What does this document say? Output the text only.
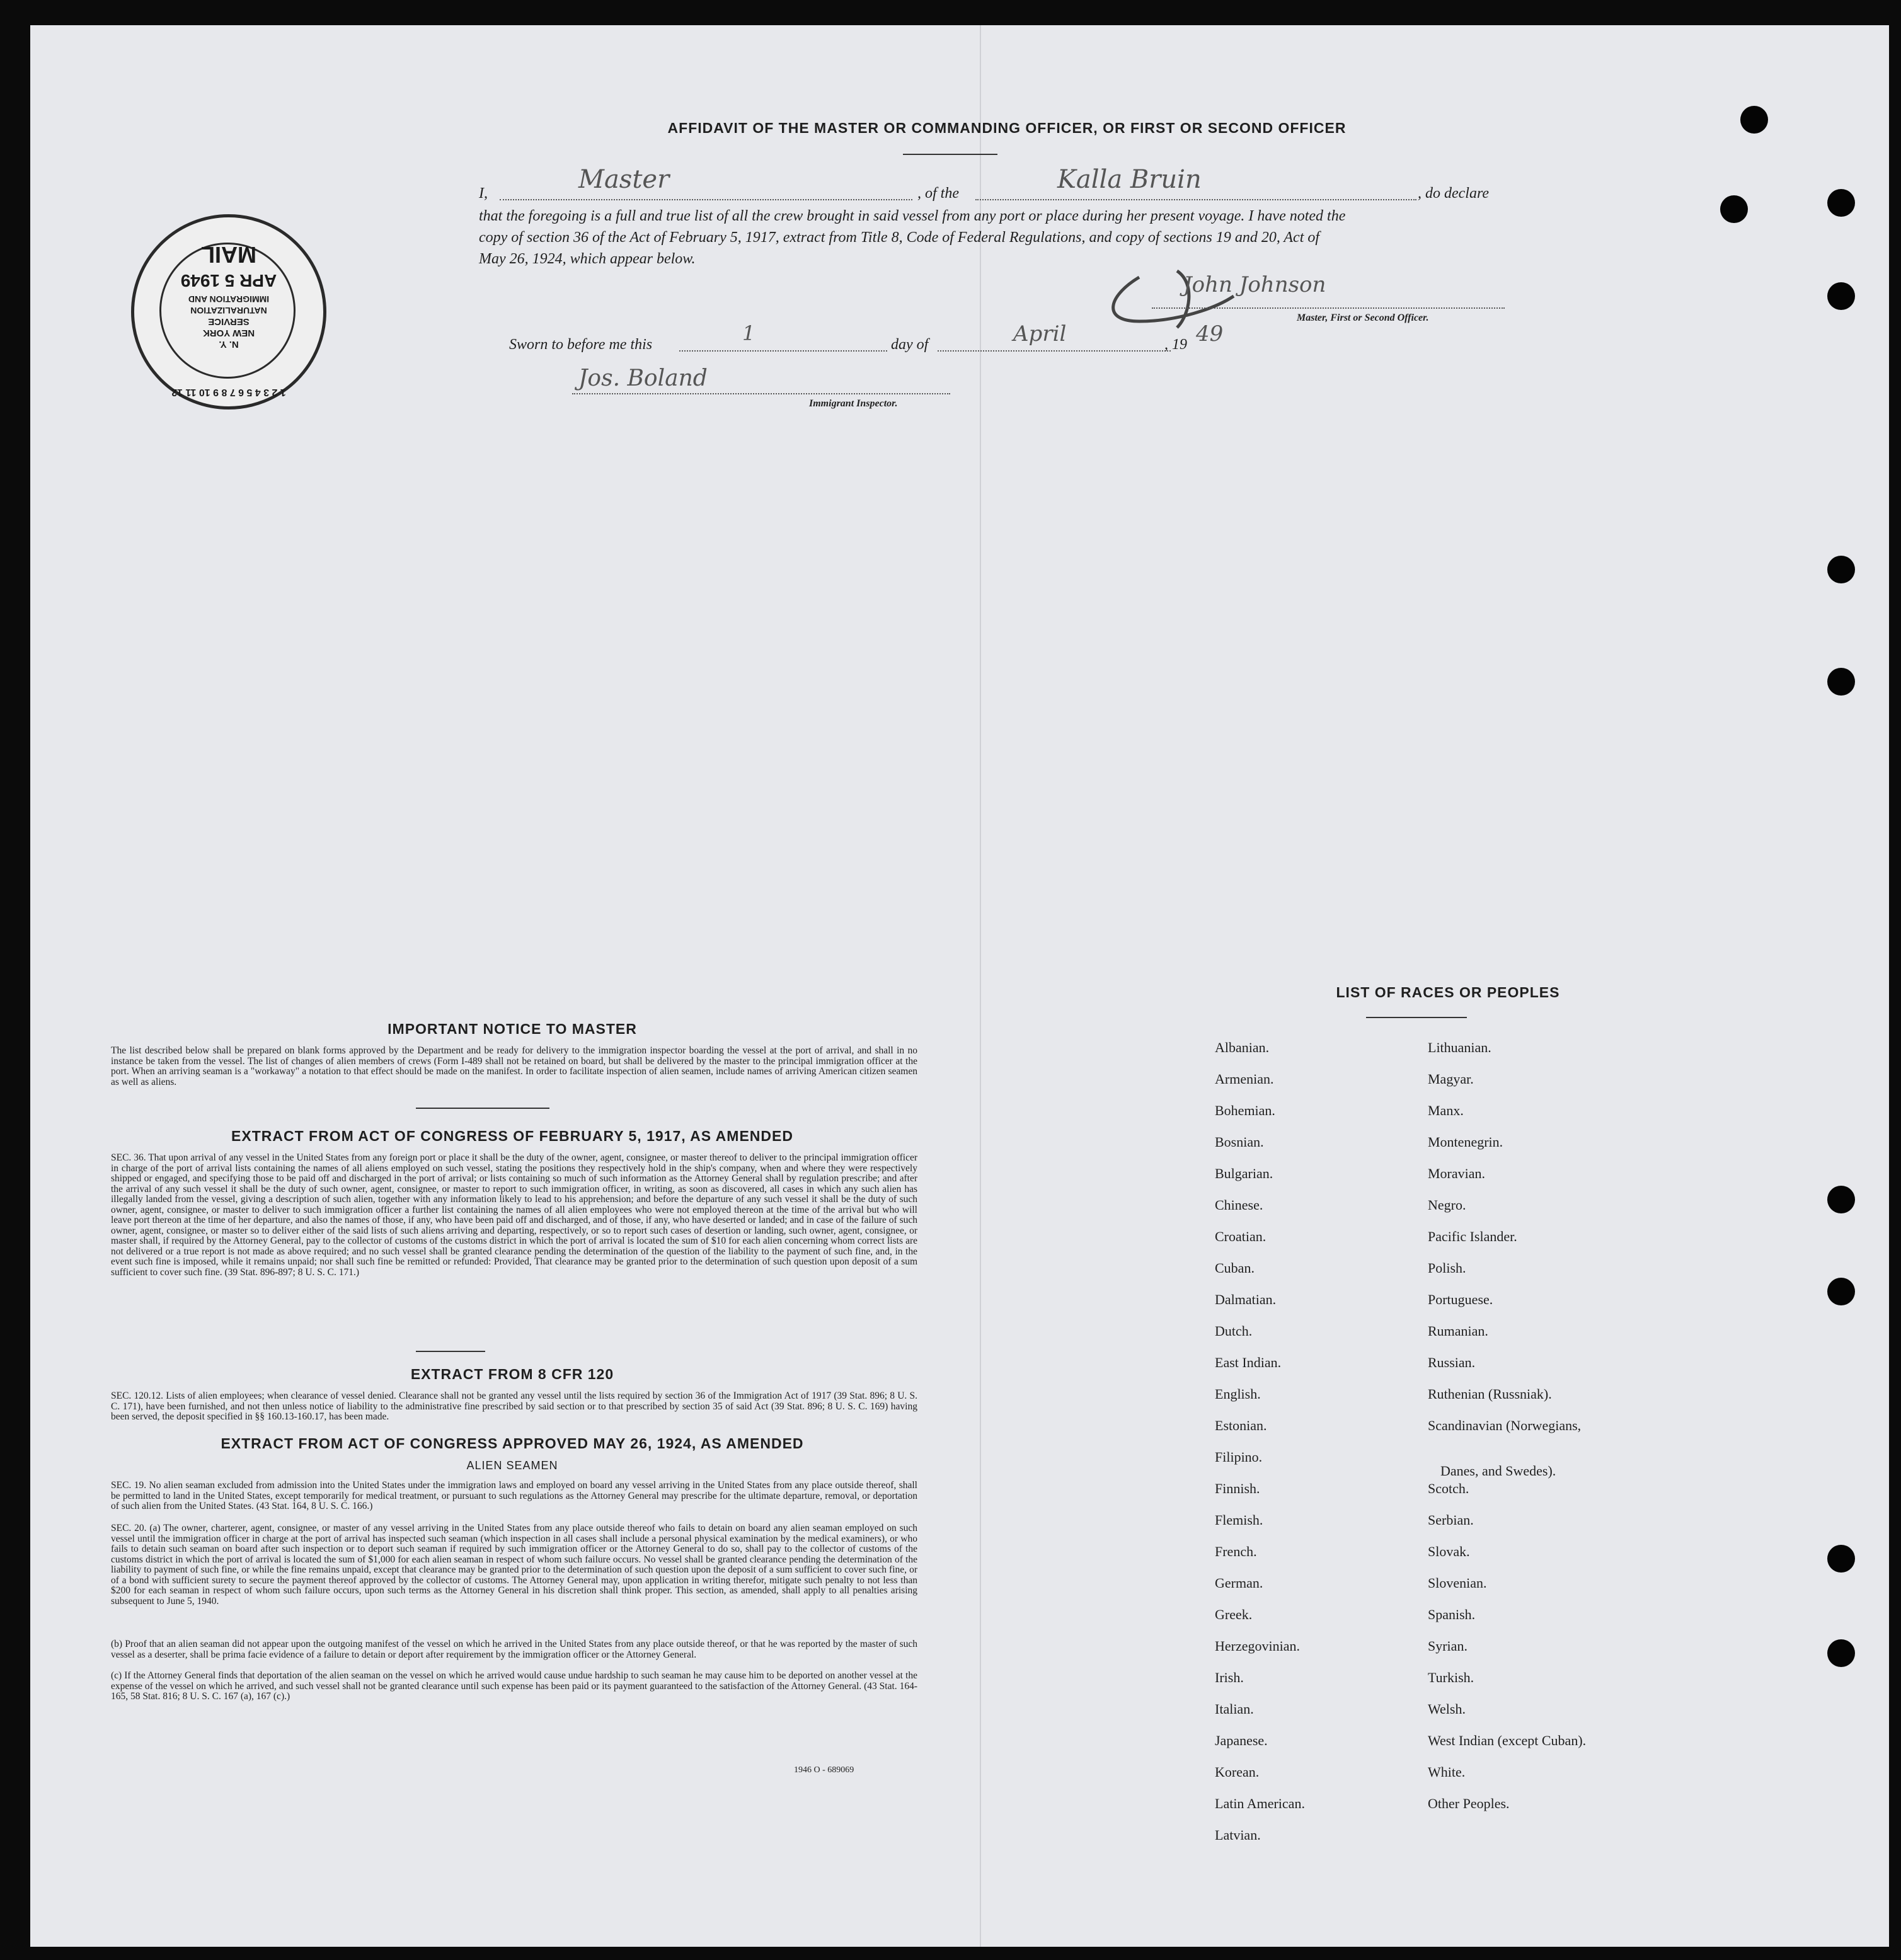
AFFIDAVIT OF THE MASTER OR COMMANDING OFFICER, OR FIRST OR SECOND OFFICER
I,	Master	, of the	Kalla Bruin	, do declare
that the foregoing is a full and true list of all the crew brought in said vessel from any port or place during her present voyage. I have noted the
copy of section 36 of the Act of February 5, 1917, extract from Title 8, Code of Federal Regulations, and copy of sections 19 and 20, Act of
May 26, 1924, which appear below.
John Johnson
Master, First or Second Officer.
Sworn to before me this	1	day of	April	, 19 49
Jos. Boland
Immigrant Inspector.
1 2 3 4 5 6 7 8 9 10 11 12
N. Y.
NEW YORK
SERVICE
NATURALIZATION
IMMIGRATION AND
APR 5 1949
MAIL
IMPORTANT NOTICE TO MASTER
The list described below shall be prepared on blank forms approved by the Department and be ready for delivery to the immigration inspector boarding the vessel at the port of arrival, and shall in no instance be taken from the vessel. The list of changes of alien members of crews (Form I-489 shall not be retained on board, but shall be delivered by the master to the principal immigration officer at the port. When an arriving seaman is a "workaway" a notation to that effect should be made on the manifest. In order to facilitate inspection of alien seamen, include names of arriving American citizen seamen as well as aliens.
EXTRACT FROM ACT OF CONGRESS OF FEBRUARY 5, 1917, AS AMENDED
SEC. 36. That upon arrival of any vessel in the United States from any foreign port or place it shall be the duty of the owner, agent, consignee, or master thereof to deliver to the principal immigration officer in charge of the port of arrival lists containing the names of all aliens employed on such vessel, stating the positions they respectively hold in the ship's company, when and where they were respectively shipped or engaged, and specifying those to be paid off and discharged in the port of arrival; or lists containing so much of such information as the Attorney General shall by regulation prescribe; and after the arrival of any such vessel it shall be the duty of such owner, agent, consignee, or master to report to such immigration officer, in writing, as soon as discovered, all cases in which any such alien has illegally landed from the vessel, giving a description of such alien, together with any information likely to lead to his apprehension; and before the departure of any such vessel it shall be the duty of such owner, agent, consignee, or master to deliver to such immigration officer a further list containing the names of all alien employees who were not employed thereon at the time of the arrival but who will leave port thereon at the time of her departure, and also the names of those, if any, who have been paid off and discharged, and of those, if any, who have deserted or landed; and in case of the failure of such owner, agent, consignee, or master so to deliver either of the said lists of such aliens arriving and departing, respectively, or so to report such cases of desertion or landing, such owner, agent, consignee, or master shall, if required by the Attorney General, pay to the collector of customs of the customs district in which the port of arrival is located the sum of $10 for each alien concerning whom correct lists are not delivered or a true report is not made as above required; and no such vessel shall be granted clearance pending the determination of the question of the liability to the payment of such fine, and, in the event such fine is imposed, while it remains unpaid; nor shall such fine be remitted or refunded: Provided, That clearance may be granted prior to the determination of such question upon deposit of a sum sufficient to cover such fine. (39 Stat. 896-897; 8 U. S. C. 171.)
EXTRACT FROM 8 CFR 120
SEC. 120.12. Lists of alien employees; when clearance of vessel denied. Clearance shall not be granted any vessel until the lists required by section 36 of the Immigration Act of 1917 (39 Stat. 896; 8 U. S. C. 171), have been furnished, and not then unless notice of liability to the administrative fine prescribed by said section or to that prescribed by section 35 of said Act (39 Stat. 896; 8 U. S. C. 169) having been served, the deposit specified in §§ 160.13-160.17, has been made.
EXTRACT FROM ACT OF CONGRESS APPROVED MAY 26, 1924, AS AMENDED
ALIEN SEAMEN
SEC. 19. No alien seaman excluded from admission into the United States under the immigration laws and employed on board any vessel arriving in the United States from any place outside thereof, shall be permitted to land in the United States, except temporarily for medical treatment, or pursuant to such regulations as the Attorney General may prescribe for the ultimate departure, removal, or deportation of such alien from the United States. (43 Stat. 164, 8 U. S. C. 166.)
SEC. 20. (a) The owner, charterer, agent, consignee, or master of any vessel arriving in the United States from any place outside thereof who fails to detain on board any alien seaman employed on such vessel until the immigration officer in charge at the port of arrival has inspected such seaman (which inspection in all cases shall include a personal physical examination by the medical examiners), or who fails to detain such seaman on board after such inspection or to deport such seaman if required by such immigration officer or the Attorney General to do so, shall pay to the collector of customs of the customs district in which the port of arrival is located the sum of $1,000 for each alien seaman in respect of whom such failure occurs. No vessel shall be granted clearance pending the determination of the liability to payment of such fine, or while the fine remains unpaid, except that clearance may be granted prior to the determination of such question upon the deposit of a sum sufficient to cover such fine, or of a bond with sufficient surety to secure the payment thereof approved by the collector of customs. The Attorney General may, upon application in writing therefor, mitigate such penalty to not less than $200 for each seaman in respect of whom such failure occurs, upon such terms as the Attorney General in his discretion shall think proper. This section, as amended, shall apply to all penalties arising subsequent to June 5, 1940.
(b) Proof that an alien seaman did not appear upon the outgoing manifest of the vessel on which he arrived in the United States from any place outside thereof, or that he was reported by the master of such vessel as a deserter, shall be prima facie evidence of a failure to detain or deport after requirement by the immigration officer or the Attorney General.
(c) If the Attorney General finds that deportation of the alien seaman on the vessel on which he arrived would cause undue hardship to such seaman he may cause him to be deported on another vessel at the expense of the vessel on which he arrived, and such vessel shall not be granted clearance until such expense has been paid or its payment guaranteed to the satisfaction of the Attorney General. (43 Stat. 164-165, 58 Stat. 816; 8 U. S. C. 167 (a), 167 (c).)
1946 O - 689069
LIST OF RACES OR PEOPLES
Albanian.
Armenian.
Bohemian.
Bosnian.
Bulgarian.
Chinese.
Croatian.
Cuban.
Dalmatian.
Dutch.
East Indian.
English.
Estonian.
Filipino.
Finnish.
Flemish.
French.
German.
Greek.
Herzegovinian.
Irish.
Italian.
Japanese.
Korean.
Latin American.
Latvian.
Lithuanian.
Magyar.
Manx.
Montenegrin.
Moravian.
Negro.
Pacific Islander.
Polish.
Portuguese.
Rumanian.
Russian.
Ruthenian (Russniak).
Scandinavian (Norwegians,
Danes, and Swedes).
Scotch.
Serbian.
Slovak.
Slovenian.
Spanish.
Syrian.
Turkish.
Welsh.
West Indian (except Cuban).
White.
Other Peoples.
